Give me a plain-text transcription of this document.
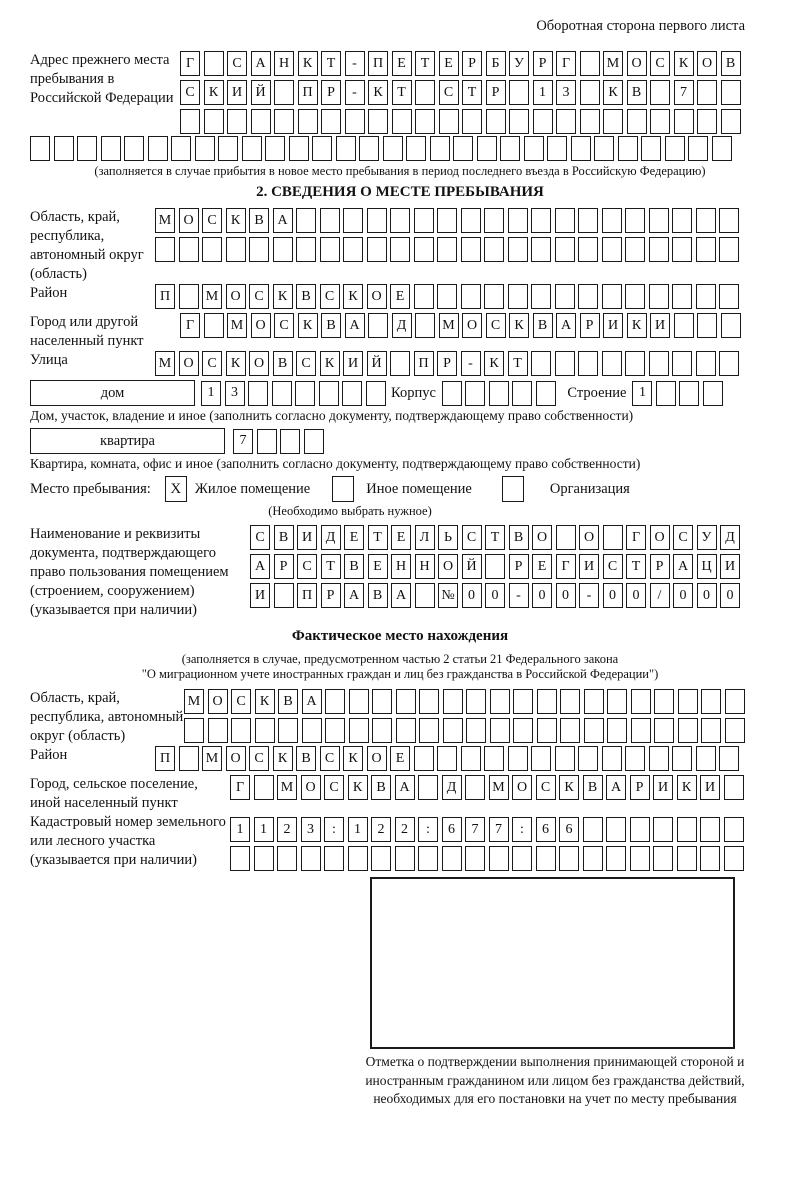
Оборотная сторона первого листа
Адрес прежнего места пребывания в Российской Федерации
Г	С А Н К	Т	-	П	Е	Т	Е	Р	Б	У	Р	Г	М О С	К О В
С	К И Й	П	Р	-	К	Т	С	Т	Р	1	3	К	В	7
(заполняется в случае прибытия в новое место пребывания в период последнего въезда в Российскую Федерацию)
2. СВЕДЕНИЯ О МЕСТЕ ПРЕБЫВАНИЯ
Область, край, республика, автономный округ (область)
М О С	К	В А
Район	П	М О С	К	В	С	К О	Е
Город или другой населенный пункт
Г	М О С	К	В А	Д	М О С	К	В А	Р	И К И
Улица	М О С	К О В	С	К И Й	П	Р	-	К	Т
дом	1	3	Корпус	Строение 1
Дом, участок, владение и иное (заполнить согласно документу, подтверждающему право собственности)
квартира	7
Квартира, комната, офис и иное (заполнить согласно документу, подтверждающему право собственности)
Место пребывания:	X Жилое помещение	Иное помещение	Организация
(Необходимо выбрать нужное)
Наименование и реквизиты документа, подтверждающего право пользования помещением (строением, сооружением) (указывается при наличии)
С	В И Д	Е	Т	Е	Л	Ь	С	Т	В О	О	Г	О С У Д
А	Р	С	Т	В	Е	Н Н О Й	Р	Е	Г	И С	Т	Р	А Ц И
И	П	Р	А В А	№ 0	0	-	0	0	-	0	0	/	0	0	0
Фактическое место нахождения
(заполняется в случае, предусмотренном частью 2 статьи 21 Федерального закона
"О миграционном учете иностранных граждан и лиц без гражданства в Российской Федерации")
Область, край, республика, автономный округ (область)
М О С	К	В А
Район	П	М О С	К	В	С	К О	Е
Город, сельское поселение, иной населенный пункт
Г	М О С	К	В А	Д	М О С	К	В А	Р	И К И
Кадастровый номер земельного или лесного участка (указывается при наличии)
1	1	2	3	:	1	2	2	:	6	7	7	:	6	6
Отметка о подтверждении выполнения принимающей стороной и иностранным гражданином или лицом без гражданства действий, необходимых для его постановки на учет по месту пребывания
